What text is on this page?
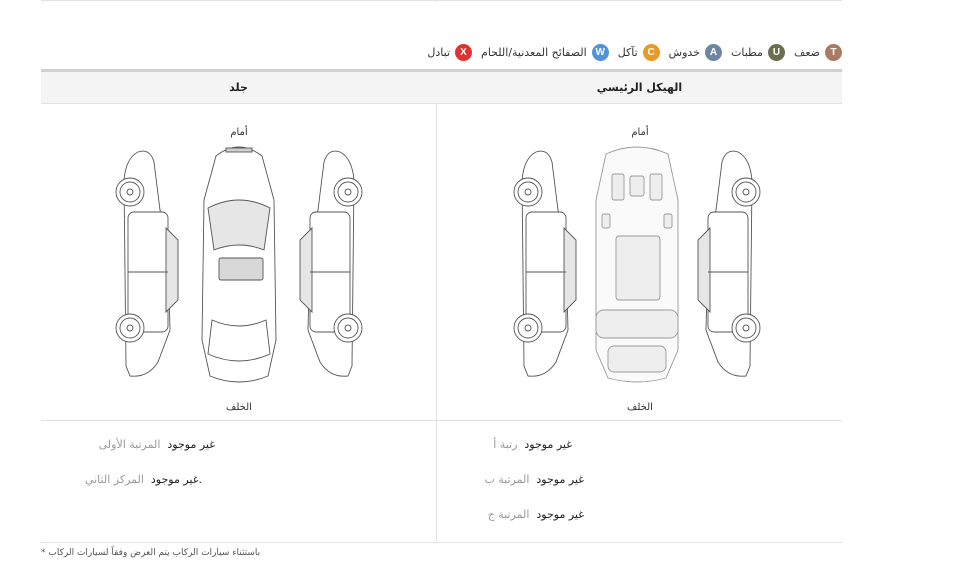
T
ضعف
U
مطبات
A
خدوش
C
تآكل
W
الصفائح المعدنية/اللحام
X
تبادل
جلد	الهيكل الرئيسي
أمام
الخلف
أمام
الخلف
غير موجود
المرتبة الأولى
.غير موجود
المركز الثاني
غير موجود
رتبة أ
غير موجود
المرتبة ب
غير موجود
المرتبة ج
* باستثناء سيارات الركاب يتم العرض وفقاً لسيارات الركاب
